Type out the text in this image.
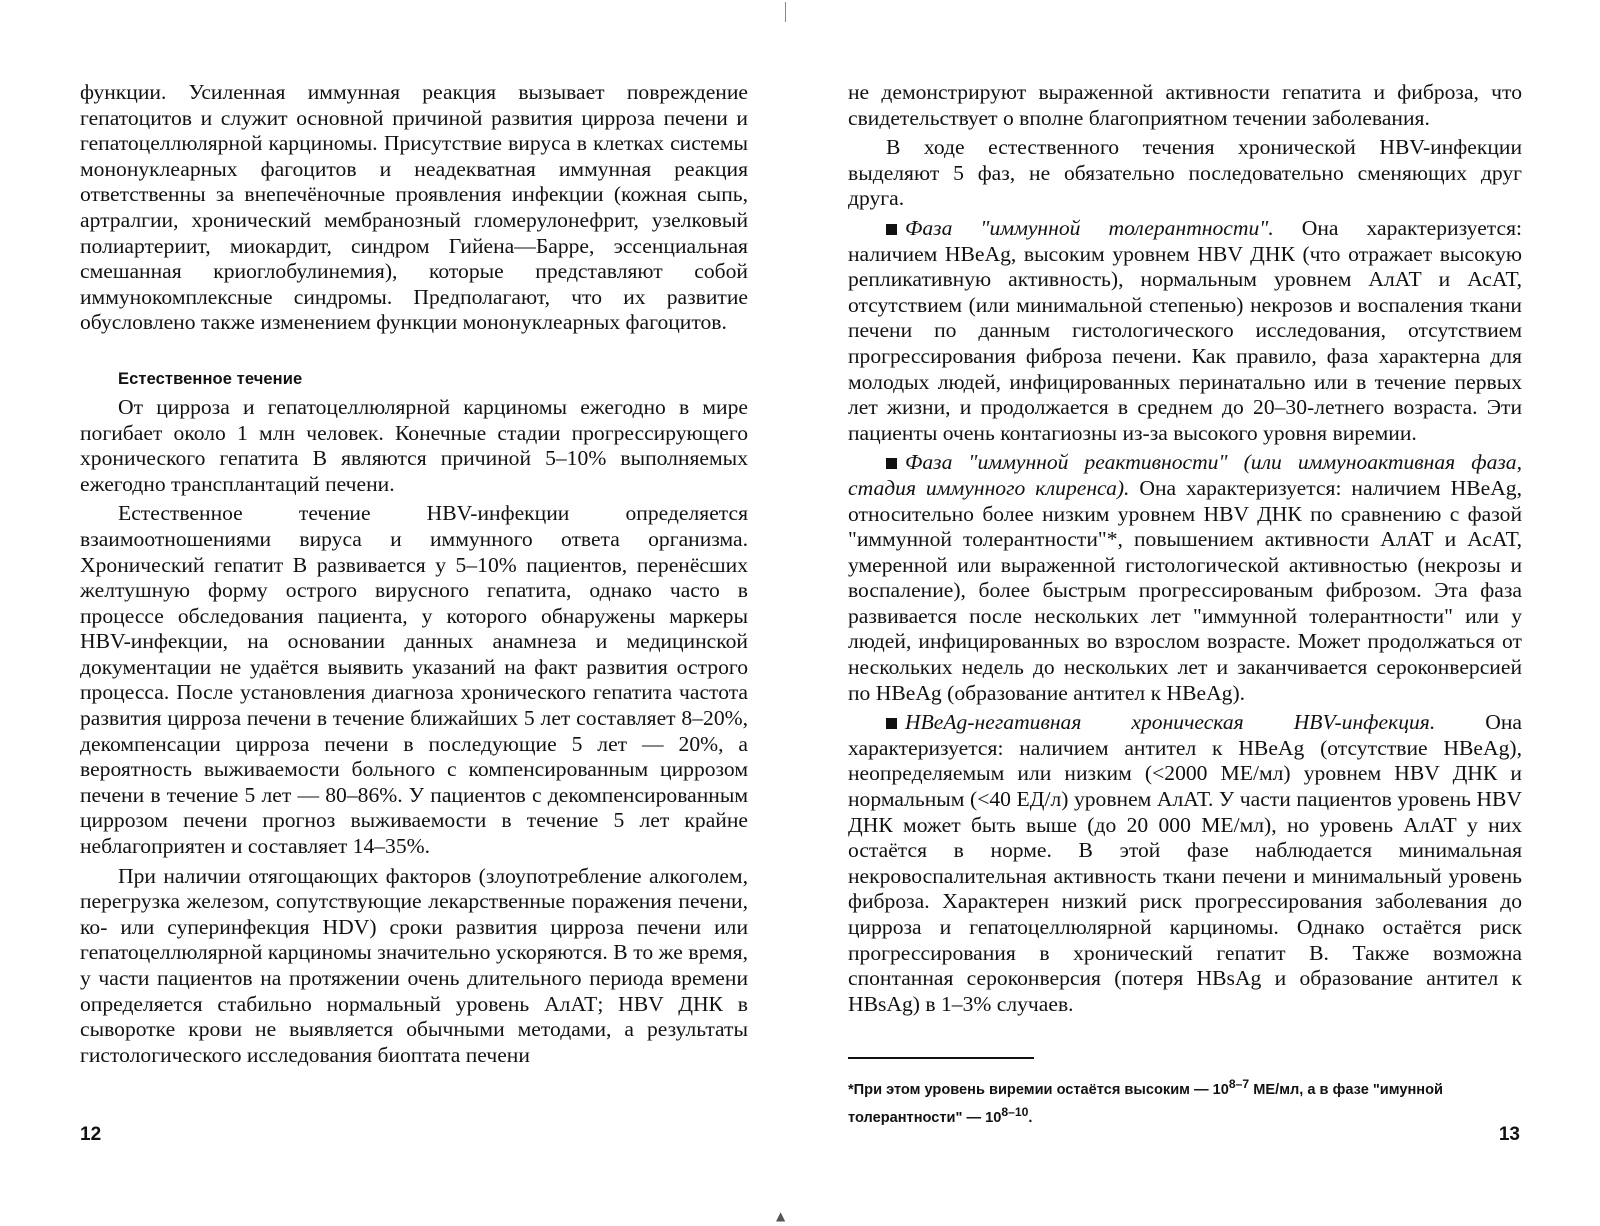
функции. Усиленная иммунная реакция вызывает повреждение гепатоцитов и служит основной причиной развития цирроза печени и гепатоцеллюлярной карциномы. Присутствие вируса в клетках системы мононуклеарных фагоцитов и неадекватная иммунная реакция ответственны за внепечёночные проявления инфекции (кожная сыпь, артралгии, хронический мембранозный гломерулонефрит, узелковый полиартериит, миокардит, синдром Гийена—Барре, эссенциальная смешанная криоглобулинемия), которые представляют собой иммунокомплексные синдромы. Предполагают, что их развитие обусловлено также изменением функции мононуклеарных фагоцитов.

Естественное течение

От цирроза и гепатоцеллюлярной карциномы ежегодно в мире погибает около 1 млн человек. Конечные стадии прогрессирующего хронического гепатита В являются причиной 5–10% выполняемых ежегодно трансплантаций печени.

Естественное течение HBV-инфекции определяется взаимоотношениями вируса и иммунного ответа организма. Хронический гепатит В развивается у 5–10% пациентов, перенёсших желтушную форму острого вирусного гепатита, однако часто в процессе обследования пациента, у которого обнаружены маркеры HBV-инфекции, на основании данных анамнеза и медицинской документации не удаётся выявить указаний на факт развития острого процесса. После установления диагноза хронического гепатита частота развития цирроза печени в течение ближайших 5 лет составляет 8–20%, декомпенсации цирроза печени в последующие 5 лет — 20%, а вероятность выживаемости больного с компенсированным циррозом печени в течение 5 лет — 80–86%. У пациентов с декомпенсированным циррозом печени прогноз выживаемости в течение 5 лет крайне неблагоприятен и составляет 14–35%.

При наличии отягощающих факторов (злоупотребление алкоголем, перегрузка железом, сопутствующие лекарственные поражения печени, ко- или суперинфекция HDV) сроки развития цирроза печени или гепатоцеллюлярной карциномы значительно ускоряются. В то же время, у части пациентов на протяжении очень длительного периода времени определяется стабильно нормальный уровень АлАТ; HBV ДНК в сыворотке крови не выявляется обычными методами, а результаты гистологического исследования биоптата печени

12

не демонстрируют выраженной активности гепатита и фиброза, что свидетельствует о вполне благоприятном течении заболевания.

В ходе естественного течения хронической HBV-инфекции выделяют 5 фаз, не обязательно последовательно сменяющих друг друга.

Фаза "иммунной толерантности". Она характеризуется: наличием HBeAg, высоким уровнем HBV ДНК (что отражает высокую репликативную активность), нормальным уровнем АлАТ и АсАТ, отсутствием (или минимальной степенью) некрозов и воспаления ткани печени по данным гистологического исследования, отсутствием прогрессирования фиброза печени. Как правило, фаза характерна для молодых людей, инфицированных перинатально или в течение первых лет жизни, и продолжается в среднем до 20–30-летнего возраста. Эти пациенты очень контагиозны из-за высокого уровня виремии.

Фаза "иммунной реактивности" (или иммуноактивная фаза, стадия иммунного клиренса). Она характеризуется: наличием HBeAg, относительно более низким уровнем HBV ДНК по сравнению с фазой "иммунной толерантности"*, повышением активности АлАТ и АсАТ, умеренной или выраженной гистологической активностью (некрозы и воспаление), более быстрым прогрессированым фиброзом. Эта фаза развивается после нескольких лет "иммунной толерантности" или у людей, инфицированных во взрослом возрасте. Может продолжаться от нескольких недель до нескольких лет и заканчивается сероконверсией по HBeAg (образование антител к HBeAg).

HBeAg-негативная хроническая HBV-инфекция. Она характеризуется: наличием антител к HBeAg (отсутствие HBeAg), неопределяемым или низким (<2000 МЕ/мл) уровнем HBV ДНК и нормальным (<40 ЕД/л) уровнем АлАТ. У части пациентов уровень HBV ДНК может быть выше (до 20 000 МЕ/мл), но уровень АлАТ у них остаётся в норме. В этой фазе наблюдается минимальная некровоспалительная активность ткани печени и минимальный уровень фиброза. Характерен низкий риск прогрессирования заболевания до цирроза и гепатоцеллюлярной карциномы. Однако остаётся риск прогрессирования в хронический гепатит В. Также возможна спонтанная сероконверсия (потеря HBsAg и образование антител к HBsAg) в 1–3% случаев.

*При этом уровень виремии остаётся высоким — 10$^{8-7}$ МЕ/мл, а в фазе "имунной толерантности" — 10$^{8-10}$.
13
▲
